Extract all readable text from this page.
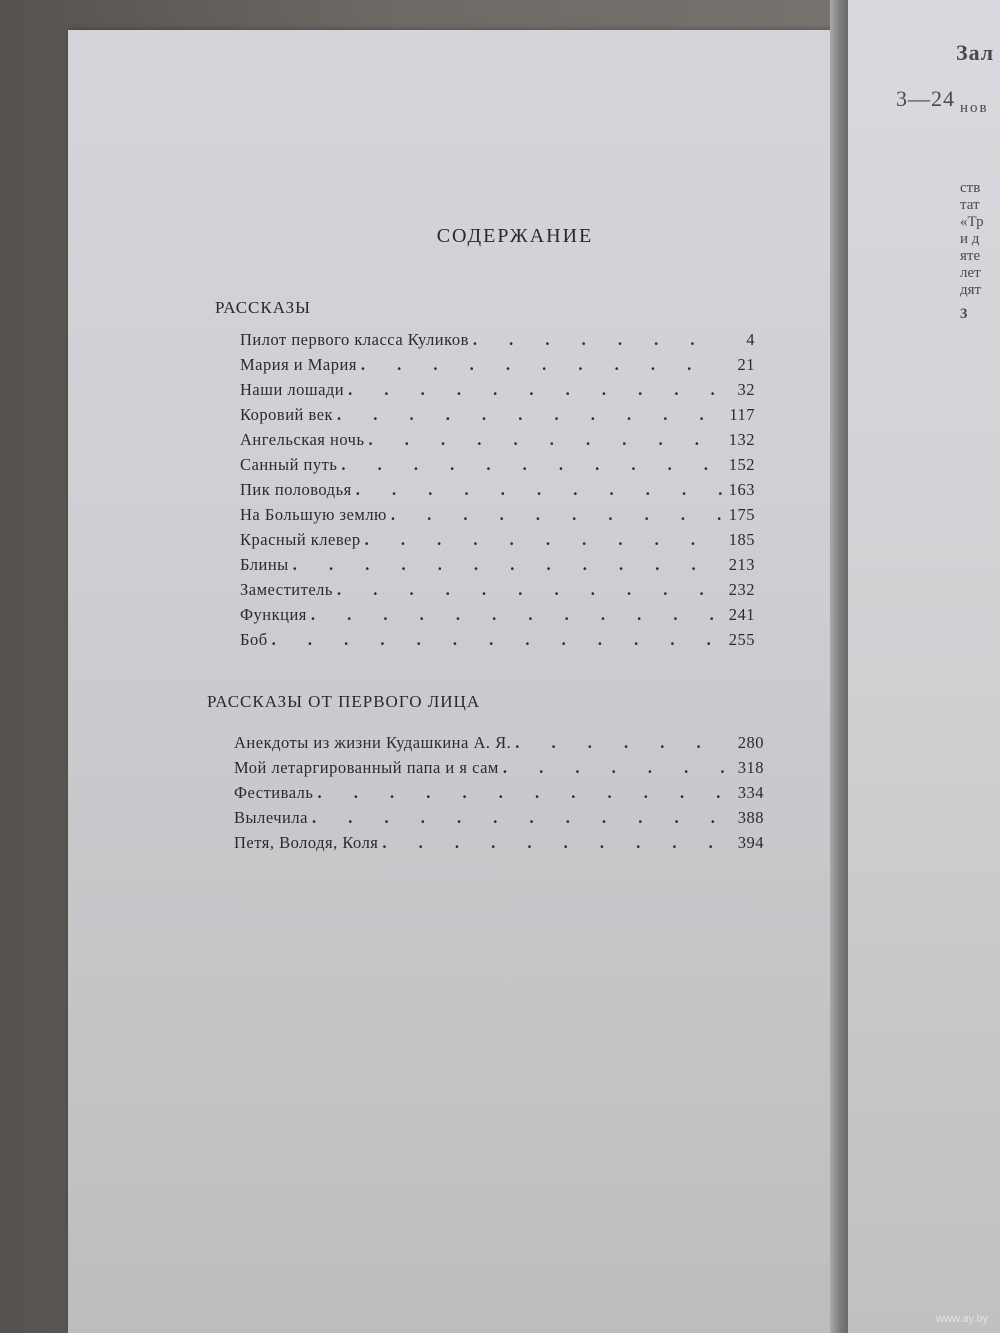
Зал
3—24 нов
ств
тат
«Тр
и д
яте
лет
дят
3
СОДЕРЖАНИЕ
РАССКАЗЫ
Пилот первого класса Куликов . . .	4
Мария и Мария . . .	21
Наши лошади . . .	32
Коровий век . . .	117
Ангельская ночь . . .	132
Санный путь . . .	152
Пик половодья . . .	163
На Большую землю . . .	175
Красный клевер . . .	185
Блины . . .	213
Заместитель . . .	232
Функция . . .	241
Боб . . .	255
РАССКАЗЫ ОТ ПЕРВОГО ЛИЦА
Анекдоты из жизни Кудашкина А. Я. . . .	280
Мой летаргированный папа и я сам . . .	318
Фестиваль . . .	334
Вылечила . . .	388
Петя, Володя, Коля . . .	394
www.ay.by
